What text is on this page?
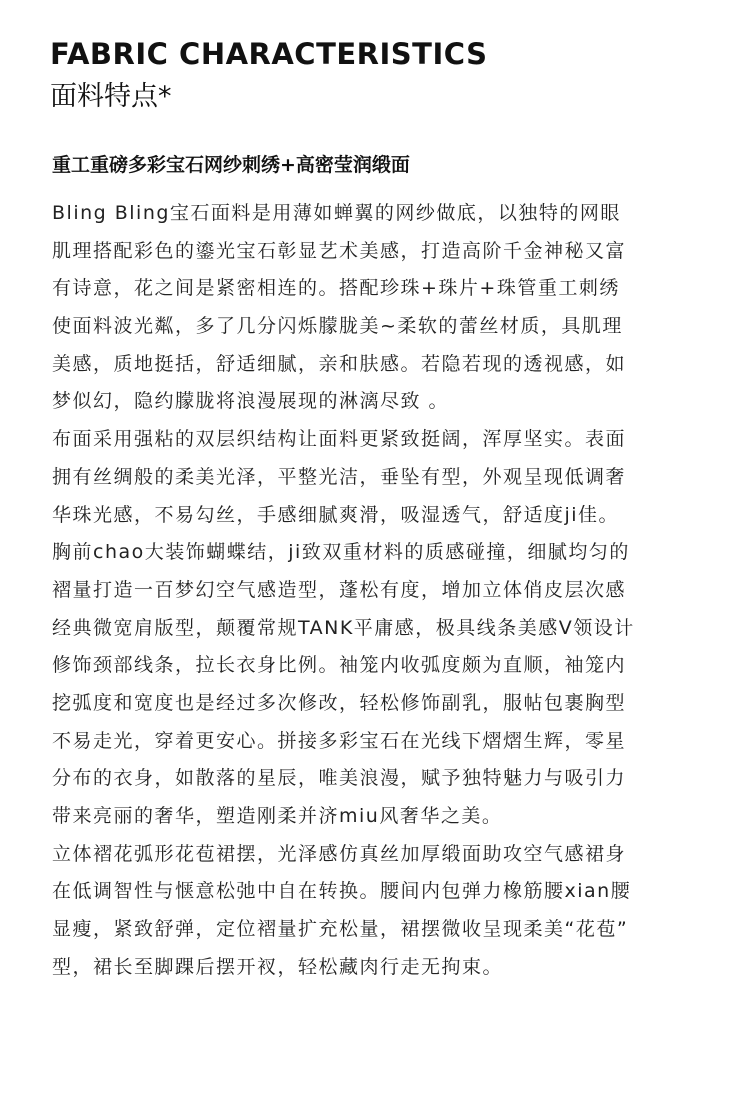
FABRIC CHARACTERISTICS
面料特点*
重工重磅多彩宝石网纱刺绣+高密莹润缎面
Bling Bling宝石面料是用薄如蝉翼的网纱做底，以独特的网眼
肌理搭配彩色的鎏光宝石彰显艺术美感，打造高阶千金神秘又富
有诗意，花之间是紧密相连的。搭配珍珠+珠片+珠管重工刺绣
使面料波光粼，多了几分闪烁朦胧美~柔软的蕾丝材质，具肌理
美感，质地挺括，舒适细腻，亲和肤感。若隐若现的透视感，如
梦似幻，隐约朦胧将浪漫展现的淋漓尽致 。
布面采用强粘的双层织结构让面料更紧致挺阔，浑厚坚实。表面
拥有丝绸般的柔美光泽，平整光洁，垂坠有型，外观呈现低调奢
华珠光感，不易勾丝，手感细腻爽滑，吸湿透气，舒适度ji佳。
胸前chao大装饰蝴蝶结，ji致双重材料的质感碰撞，细腻均匀的
褶量打造一百梦幻空气感造型，蓬松有度，增加立体俏皮层次感
经典微宽肩版型，颠覆常规TANK平庸感，极具线条美感V领设计
修饰颈部线条，拉长衣身比例。袖笼内收弧度颇为直顺，袖笼内
挖弧度和宽度也是经过多次修改，轻松修饰副乳，服帖包裹胸型
不易走光，穿着更安心。拼接多彩宝石在光线下熠熠生辉，零星
分布的衣身，如散落的星辰，唯美浪漫，赋予独特魅力与吸引力
带来亮丽的奢华，塑造刚柔并济miu风奢华之美。
立体褶花弧形花苞裙摆，光泽感仿真丝加厚缎面助攻空气感裙身
在低调智性与惬意松弛中自在转换。腰间内包弹力橡筋腰xian腰
显瘦，紧致舒弹，定位褶量扩充松量，裙摆微收呈现柔美“花苞”
型，裙长至脚踝后摆开衩，轻松藏肉行走无拘束。
